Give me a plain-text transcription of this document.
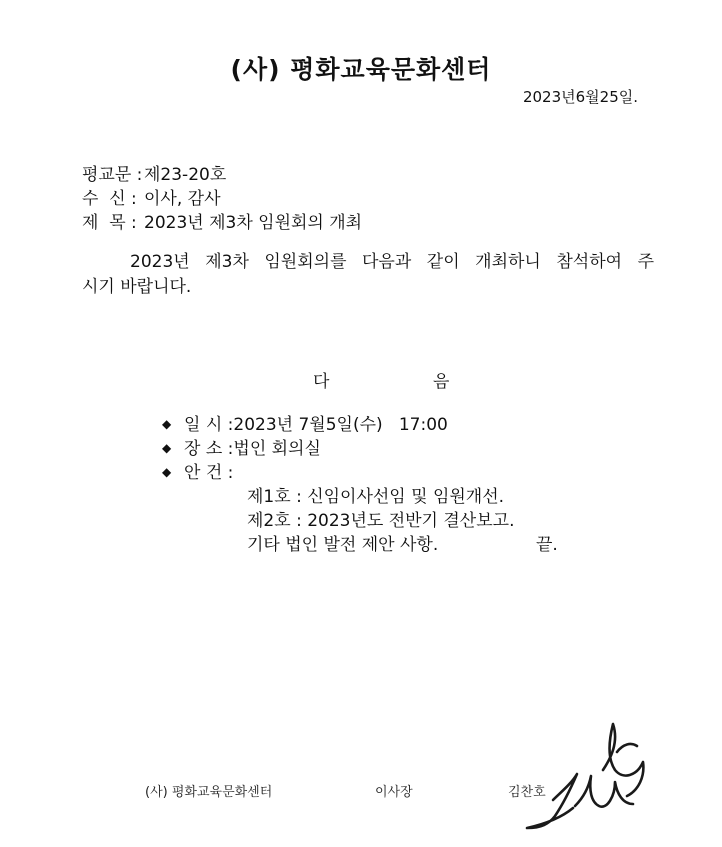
(사) 평화교육문화센터
2023년6월25일.
평교문 :제23-20호
수  신 : 이사, 감사
제  목 : 2023년 제3차 임원회의 개최
2023년 제3차 임원회의를 다음과 같이 개최하니 참석하여 주
시기 바랍니다.
다	음
◆ 일 시 :2023년 7월5일(수)   17:00
◆ 장 소 :법인 회의실
◆ 안 건 :
제1호 : 신임이사선임 및 임원개선.
제2호 : 2023년도 전반기 결산보고.
기타 법인 발전 제안 사항.	끝.
(사) 평화교육문화센터	이사장	김찬호
